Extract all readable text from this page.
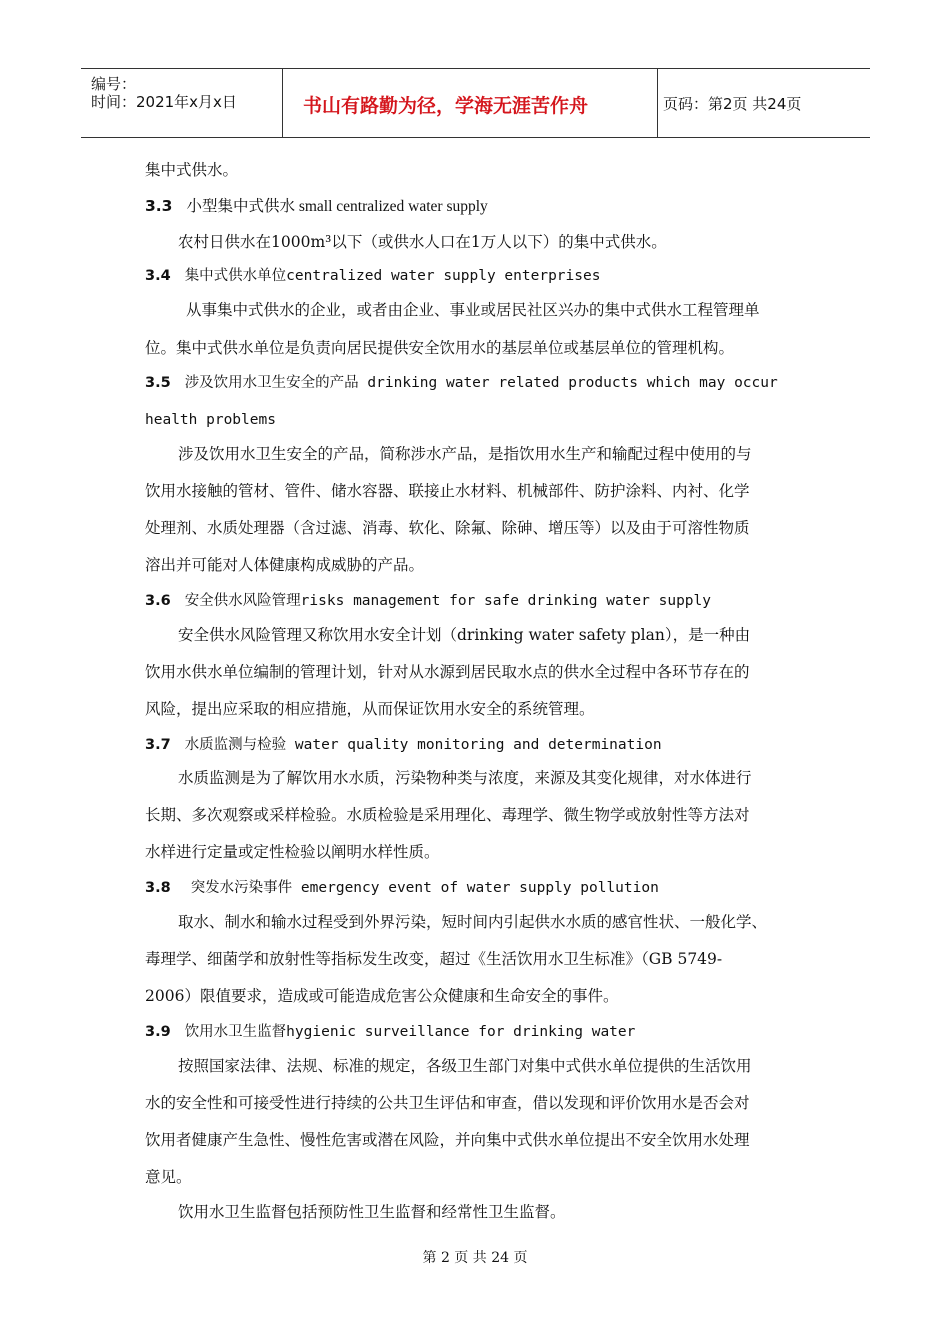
编号：
时间：2021年x月x日	书山有路勤为径，学海无涯苦作舟	页码：第2页 共24页
集中式供水。
3.3 小型集中式供水 small centralized water supply
农村日供水在1000m³以下（或供水人口在1万人以下）的集中式供水。
3.4 集中式供水单位centralized water supply enterprises
从事集中式供水的企业，或者由企业、事业或居民社区兴办的集中式供水工程管理单
位。集中式供水单位是负责向居民提供安全饮用水的基层单位或基层单位的管理机构。
3.5 涉及饮用水卫生安全的产品 drinking water related products which may occur
health problems
涉及饮用水卫生安全的产品，简称涉水产品，是指饮用水生产和输配过程中使用的与
饮用水接触的管材、管件、储水容器、联接止水材料、机械部件、防护涂料、内衬、化学
处理剂、水质处理器（含过滤、消毒、软化、除氟、除砷、增压等）以及由于可溶性物质
溶出并可能对人体健康构成威胁的产品。
3.6 安全供水风险管理risks management for safe drinking water supply
安全供水风险管理又称饮用水安全计划（drinking water safety plan），是一种由
饮用水供水单位编制的管理计划，针对从水源到居民取水点的供水全过程中各环节存在的
风险，提出应采取的相应措施，从而保证饮用水安全的系统管理。
3.7 水质监测与检验 water quality monitoring and determination
水质监测是为了解饮用水水质，污染物种类与浓度，来源及其变化规律，对水体进行
长期、多次观察或采样检验。水质检验是采用理化、毒理学、微生物学或放射性等方法对
水样进行定量或定性检验以阐明水样性质。
3.8 突发水污染事件 emergency event of water supply pollution
取水、制水和输水过程受到外界污染，短时间内引起供水水质的感官性状、一般化学、
毒理学、细菌学和放射性等指标发生改变，超过《生活饮用水卫生标准》（GB 5749-
2006）限值要求，造成或可能造成危害公众健康和生命安全的事件。
3.9 饮用水卫生监督hygienic surveillance for drinking water
按照国家法律、法规、标准的规定，各级卫生部门对集中式供水单位提供的生活饮用
水的安全性和可接受性进行持续的公共卫生评估和审查，借以发现和评价饮用水是否会对
饮用者健康产生急性、慢性危害或潜在风险，并向集中式供水单位提出不安全饮用水处理
意见。
饮用水卫生监督包括预防性卫生监督和经常性卫生监督。
第 2 页 共 24 页
